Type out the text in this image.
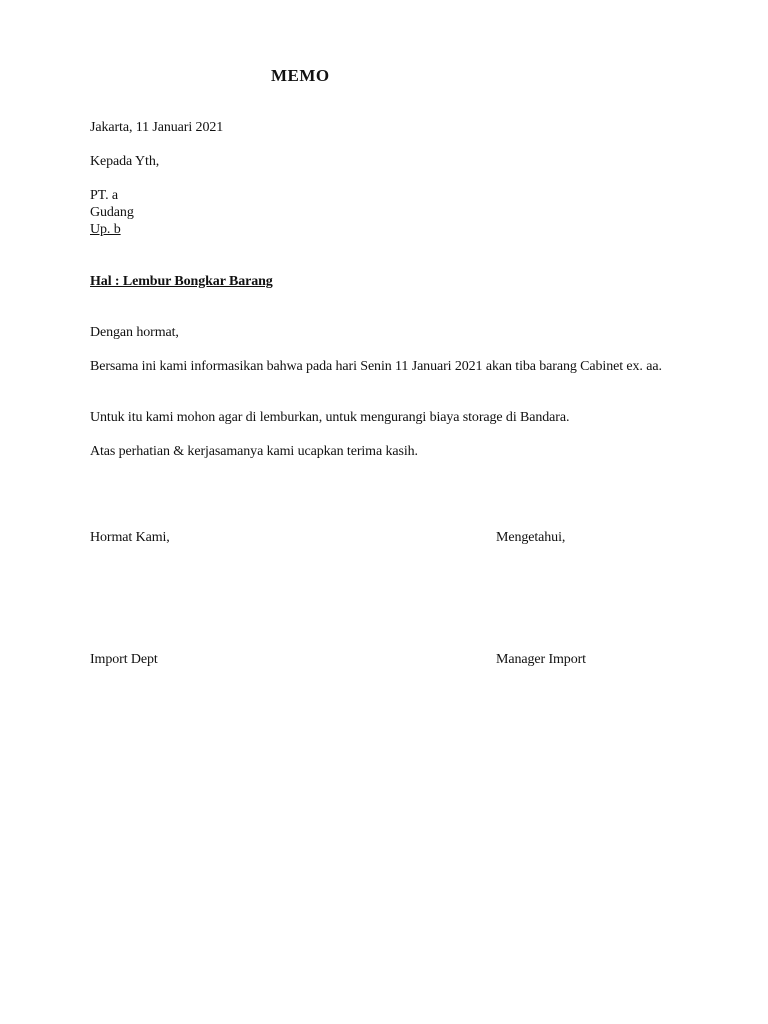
MEMO
Jakarta, 11 Januari 2021
Kepada Yth,
PT. a
Gudang
Up. b
Hal : Lembur Bongkar Barang
Dengan hormat,
Bersama ini kami informasikan bahwa pada hari Senin 11 Januari 2021 akan tiba barang Cabinet ex. aa.
Untuk itu kami mohon agar di lemburkan, untuk mengurangi biaya storage di Bandara.
Atas perhatian & kerjasamanya kami ucapkan terima kasih.
Hormat Kami,	Mengetahui,
Import Dept	Manager Import
